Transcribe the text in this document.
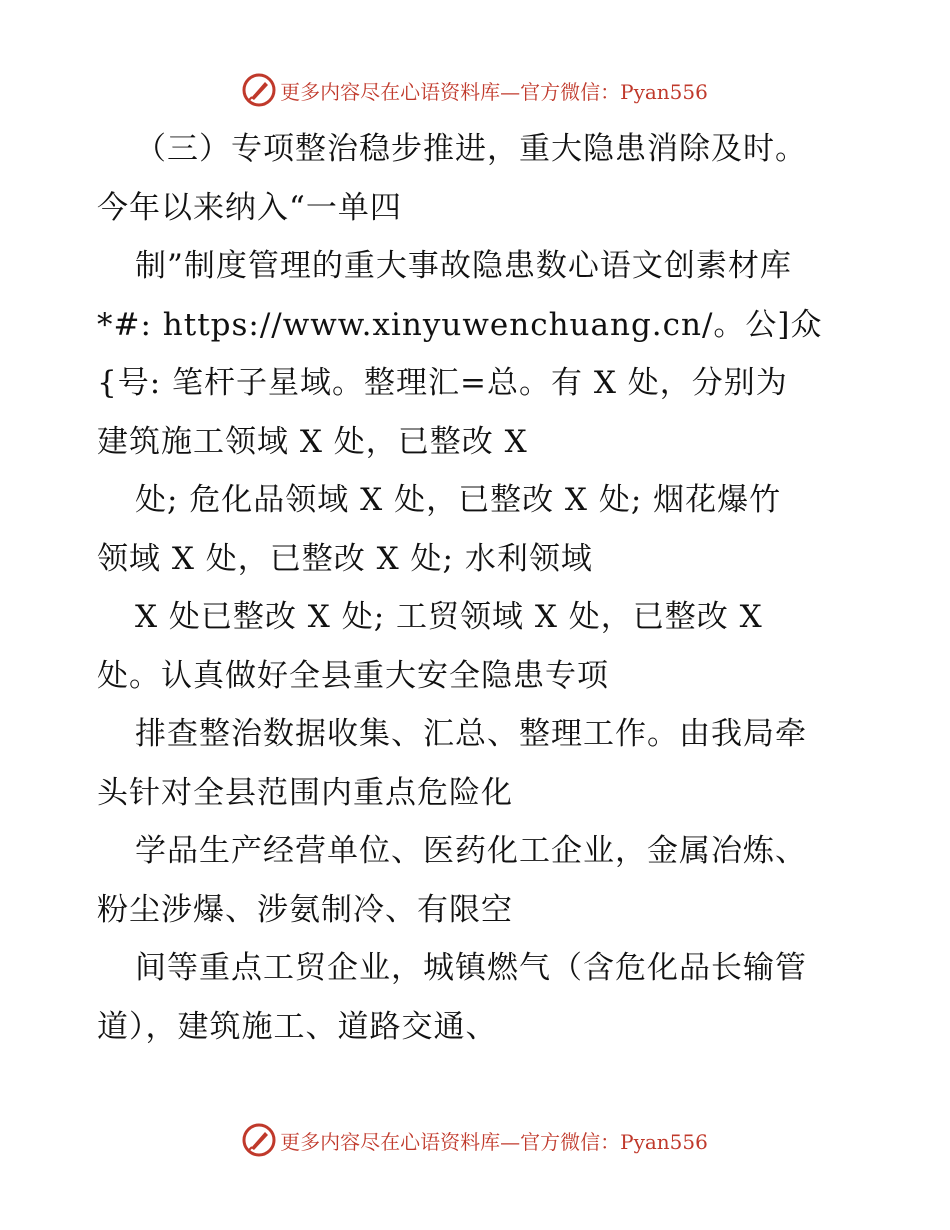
更多内容尽在心语资料库—官方微信：Pyan556
（三）专项整治稳步推进，重大隐患消除及时。
今年以来纳入“一单四
制”制度管理的重大事故隐患数心语文创素材库
*#: https://www.xinyuwenchuang.cn/。公]众
{号: 笔杆子星域。整理汇=总。有 X 处，分别为
建筑施工领域 X 处，已整改 X
处; 危化品领域 X 处，已整改 X 处; 烟花爆竹
领域 X 处，已整改 X 处; 水利领域
X 处已整改 X 处; 工贸领域 X 处，已整改 X
处。认真做好全县重大安全隐患专项
排查整治数据收集、汇总、整理工作。由我局牵
头针对全县范围内重点危险化
学品生产经营单位、医药化工企业，金属冶炼、
粉尘涉爆、涉氨制冷、有限空
间等重点工贸企业，城镇燃气（含危化品长输管
道），建筑施工、道路交通、
更多内容尽在心语资料库—官方微信：Pyan556
